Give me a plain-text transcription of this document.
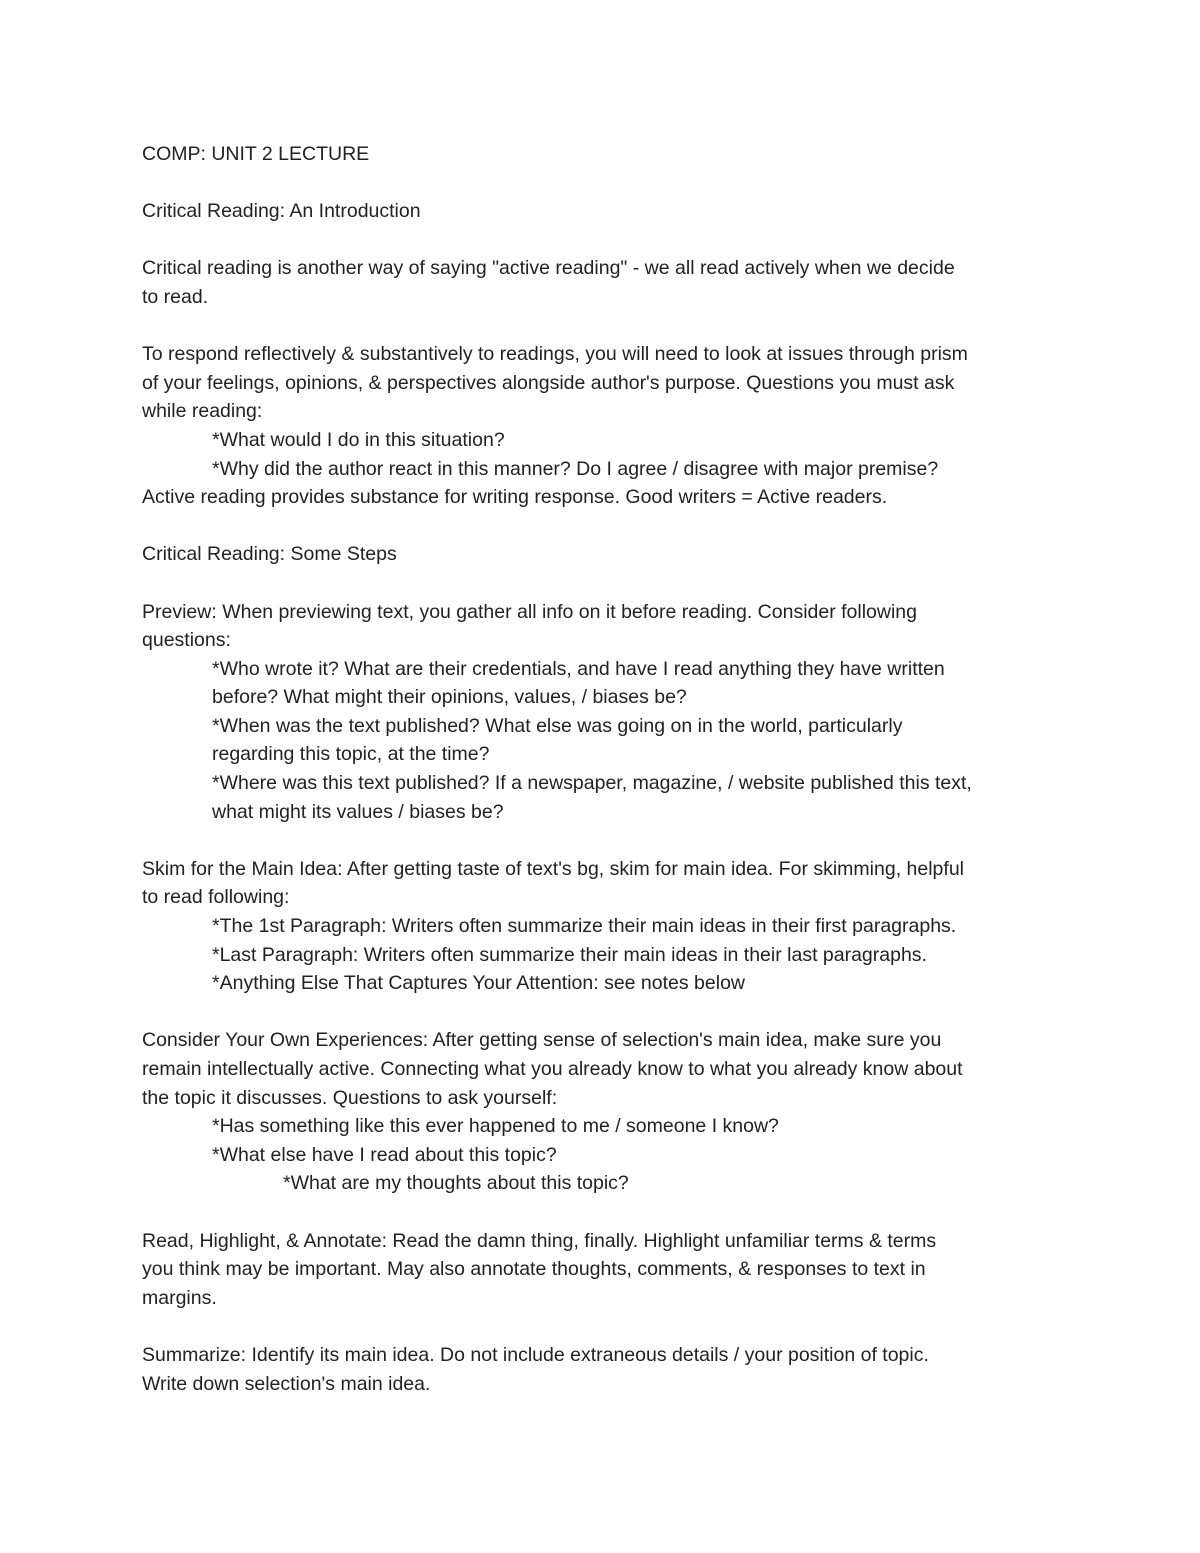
COMP: UNIT 2 LECTURE
Critical Reading: An Introduction
Critical reading is another way of saying "active reading" - we all read actively when we decide
to read.
To respond reflectively & substantively to readings, you will need to look at issues through prism
of your feelings, opinions, & perspectives alongside author's purpose. Questions you must ask
while reading:
*What would I do in this situation?
*Why did the author react in this manner? Do I agree / disagree with major premise?
Active reading provides substance for writing response. Good writers = Active readers.
Critical Reading: Some Steps
Preview: When previewing text, you gather all info on it before reading. Consider following
questions:
*Who wrote it? What are their credentials, and have I read anything they have written
before? What might their opinions, values, / biases be?
*When was the text published? What else was going on in the world, particularly
regarding this topic, at the time?
*Where was this text published? If a newspaper, magazine, / website published this text,
what might its values / biases be?
Skim for the Main Idea: After getting taste of text's bg, skim for main idea. For skimming, helpful
to read following:
*The 1st Paragraph: Writers often summarize their main ideas in their first paragraphs.
*Last Paragraph: Writers often summarize their main ideas in their last paragraphs.
*Anything Else That Captures Your Attention: see notes below
Consider Your Own Experiences: After getting sense of selection's main idea, make sure you
remain intellectually active. Connecting what you already know to what you already know about
the topic it discusses. Questions to ask yourself:
*Has something like this ever happened to me / someone I know?
*What else have I read about this topic?
*What are my thoughts about this topic?
Read, Highlight, & Annotate: Read the damn thing, finally. Highlight unfamiliar terms & terms
you think may be important. May also annotate thoughts, comments, & responses to text in
margins.
Summarize: Identify its main idea. Do not include extraneous details / your position of topic.
Write down selection's main idea.
